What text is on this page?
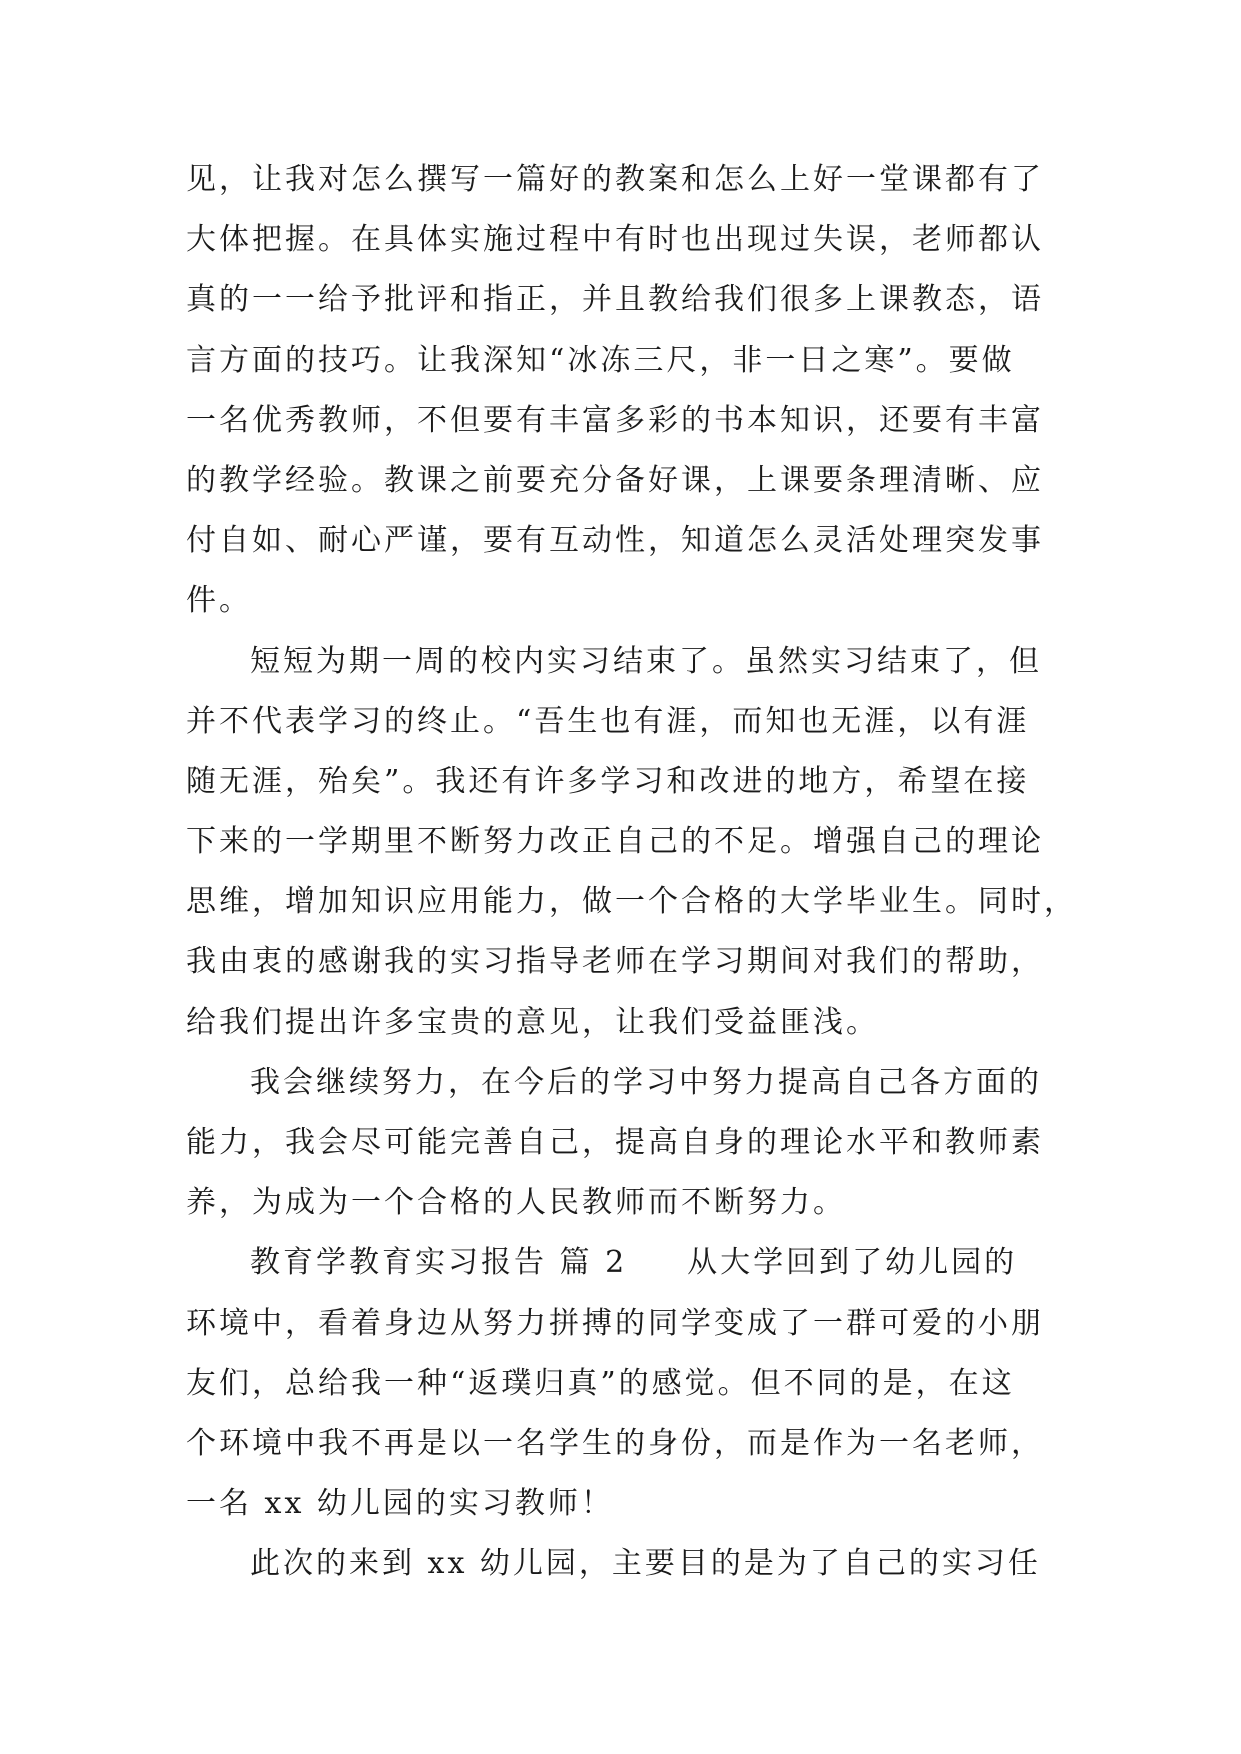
见，让我对怎么撰写一篇好的教案和怎么上好一堂课都有了
大体把握。在具体实施过程中有时也出现过失误，老师都认
真的一一给予批评和指正，并且教给我们很多上课教态，语
言方面的技巧。让我深知“冰冻三尺，非一日之寒”。要做
一名优秀教师，不但要有丰富多彩的书本知识，还要有丰富
的教学经验。教课之前要充分备好课，上课要条理清晰、应
付自如、耐心严谨，要有互动性，知道怎么灵活处理突发事
件。
短短为期一周的校内实习结束了。虽然实习结束了，但
并不代表学习的终止。“吾生也有涯，而知也无涯，以有涯
随无涯，殆矣”。我还有许多学习和改进的地方，希望在接
下来的一学期里不断努力改正自己的不足。增强自己的理论
思维，增加知识应用能力，做一个合格的大学毕业生。同时，
我由衷的感谢我的实习指导老师在学习期间对我们的帮助，
给我们提出许多宝贵的意见，让我们受益匪浅。
我会继续努力，在今后的学习中努力提高自己各方面的
能力，我会尽可能完善自己，提高自身的理论水平和教师素
养，为成为一个合格的人民教师而不断努力。
教育学教育实习报告 篇 2 从大学回到了幼儿园的
环境中，看着身边从努力拼搏的同学变成了一群可爱的小朋
友们，总给我一种“返璞归真”的感觉。但不同的是，在这
个环境中我不再是以一名学生的身份，而是作为一名老师，
一名 xx 幼儿园的实习教师！
此次的来到 xx 幼儿园，主要目的是为了自己的实习任
